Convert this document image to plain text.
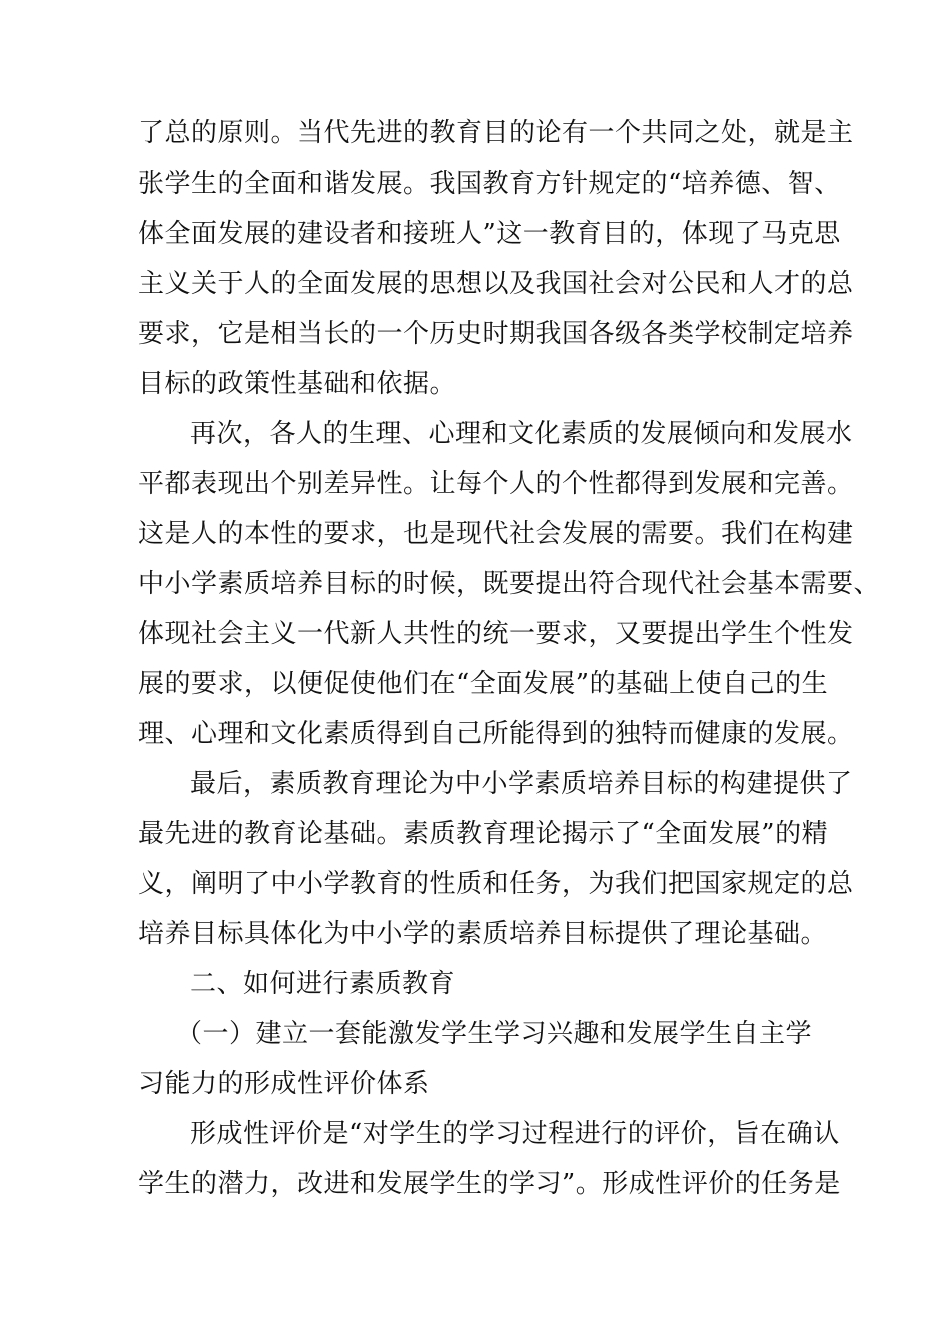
了总的原则。当代先进的教育目的论有一个共同之处，就是主
张学生的全面和谐发展。我国教育方针规定的“培养德、智、
体全面发展的建设者和接班人”这一教育目的，体现了马克思
主义关于人的全面发展的思想以及我国社会对公民和人才的总
要求，它是相当长的一个历史时期我国各级各类学校制定培养
目标的政策性基础和依据。
再次，各人的生理、心理和文化素质的发展倾向和发展水
平都表现出个别差异性。让每个人的个性都得到发展和完善。
这是人的本性的要求，也是现代社会发展的需要。我们在构建
中小学素质培养目标的时候，既要提出符合现代社会基本需要、
体现社会主义一代新人共性的统一要求，又要提出学生个性发
展的要求，以便促使他们在“全面发展”的基础上使自己的生
理、心理和文化素质得到自己所能得到的独特而健康的发展。
最后，素质教育理论为中小学素质培养目标的构建提供了
最先进的教育论基础。素质教育理论揭示了“全面发展”的精
义，阐明了中小学教育的性质和任务，为我们把国家规定的总
培养目标具体化为中小学的素质培养目标提供了理论基础。
二、如何进行素质教育
（一）建立一套能激发学生学习兴趣和发展学生自主学
习能力的形成性评价体系
形成性评价是“对学生的学习过程进行的评价，旨在确认
学生的潜力，改进和发展学生的学习”。形成性评价的任务是
